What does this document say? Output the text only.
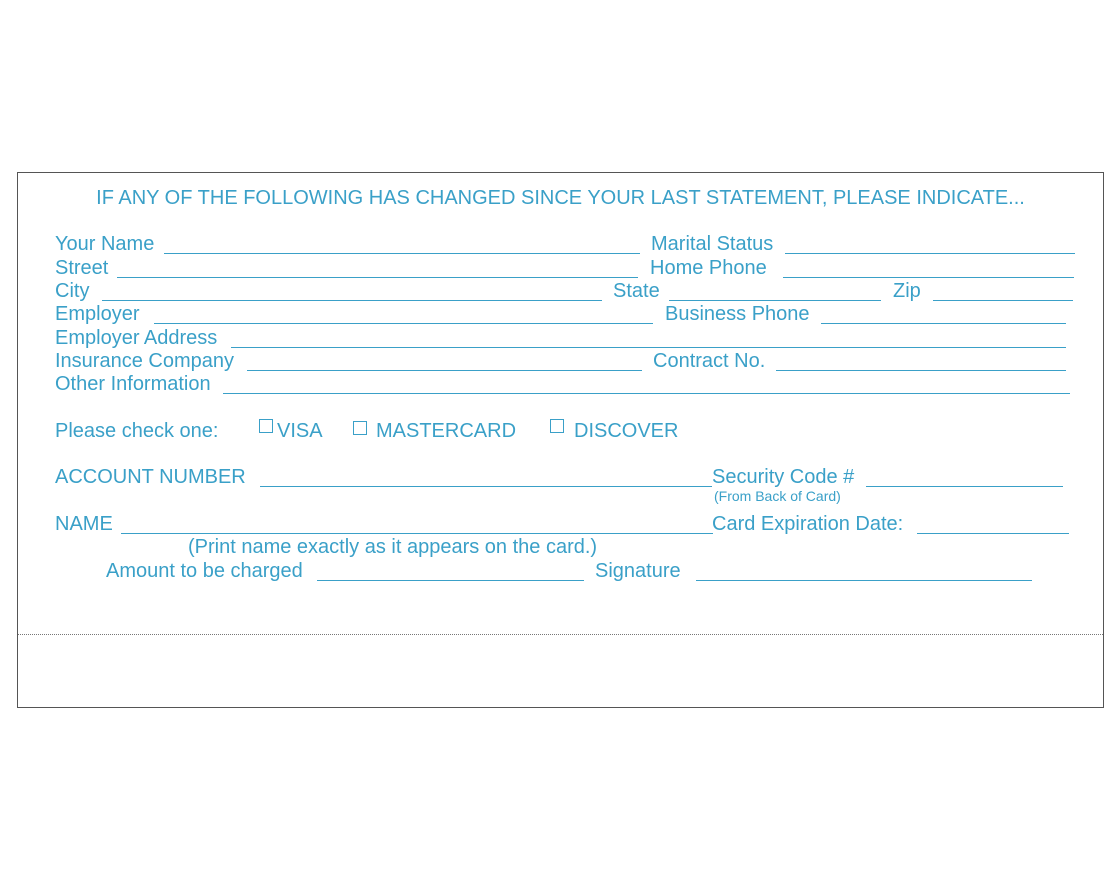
IF ANY OF THE FOLLOWING HAS CHANGED SINCE YOUR LAST STATEMENT, PLEASE INDICATE...
Your Name	Marital Status
Street	Home Phone
City	State	Zip
Employer	Business Phone
Employer Address
Insurance Company	Contract No.
Other Information
Please check one:	VISA	MASTERCARD	DISCOVER
ACCOUNT NUMBER	Security Code #
(From Back of Card)
NAME	Card Expiration Date:
(Print name exactly as it appears on the card.)
Amount to be charged	Signature
